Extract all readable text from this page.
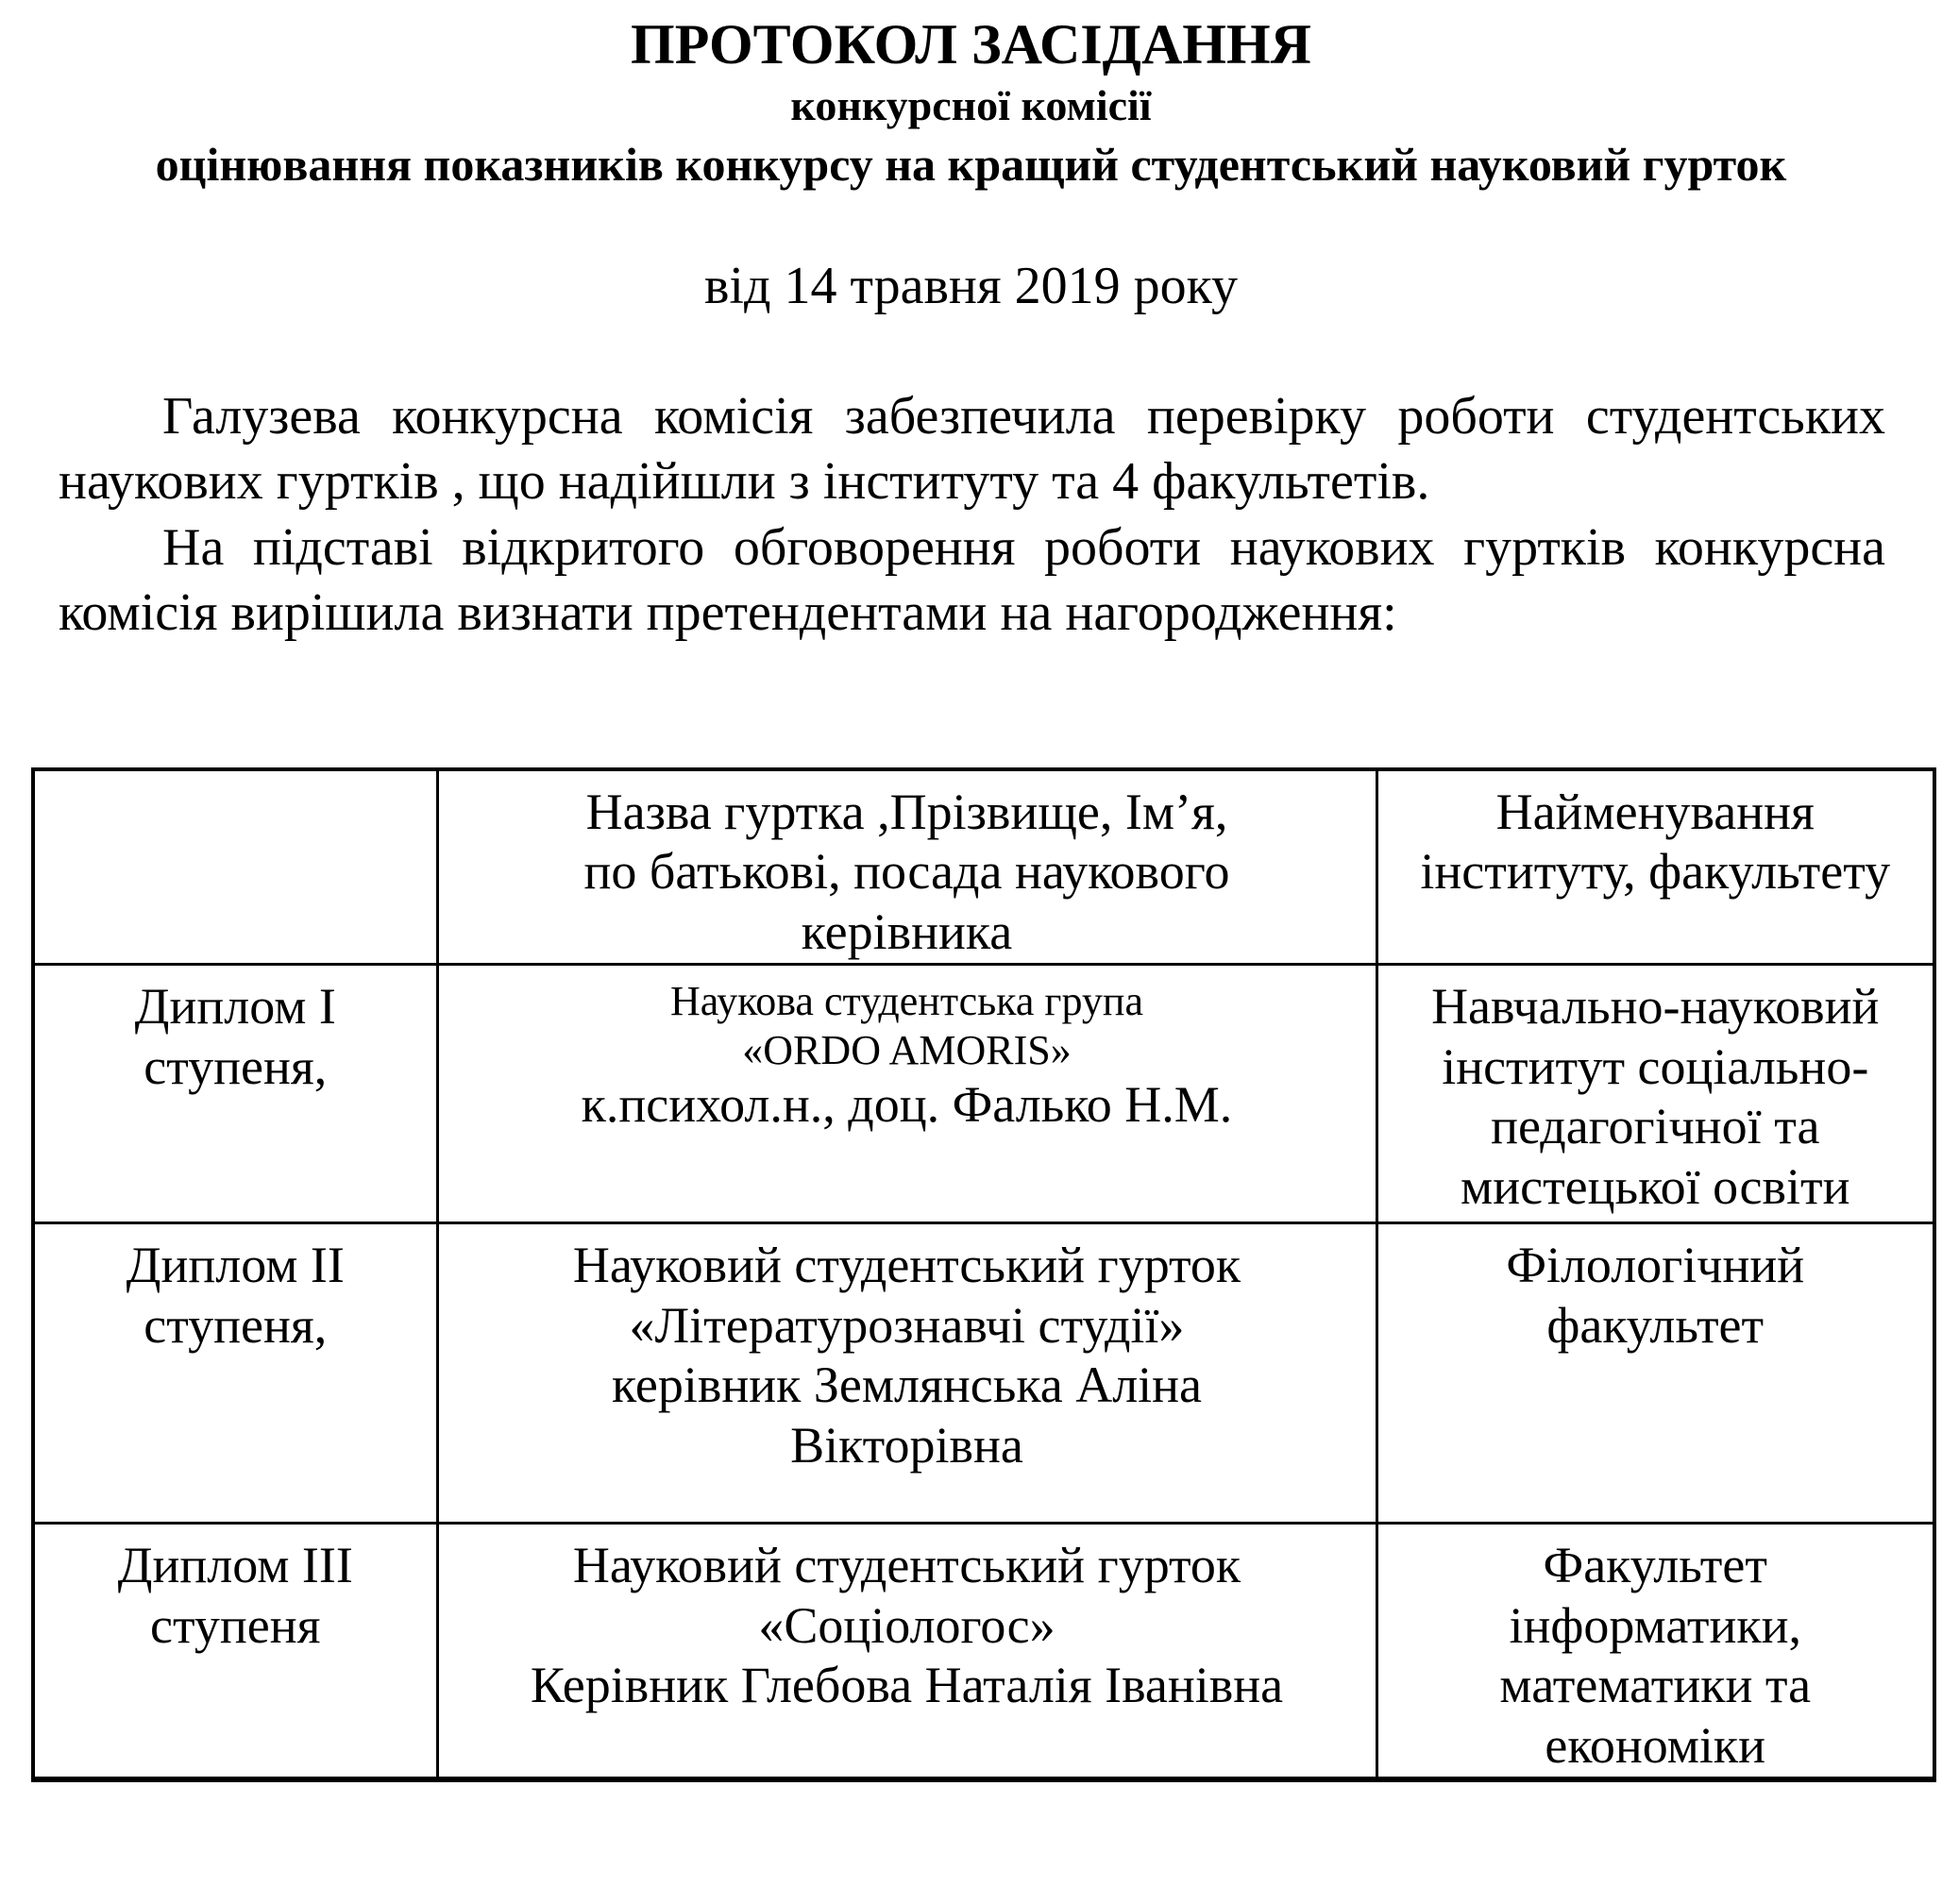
ПРОТОКОЛ ЗАСІДАННЯ
конкурсної комісії
оцінювання показників конкурсу на кращий студентський науковий гурток
від 14 травня 2019 року

Галузева конкурсна комісія забезпечила перевірку роботи студентських наукових гуртків , що надійшли з інституту та 4 факультетів.

На підставі відкритого обговорення роботи наукових гуртків конкурсна комісія вирішила визнати претендентами на нагородження:

	Назва гуртка ,Прізвище, Ім’я,
по батькові, посада наукового
керівника	Найменування
інституту, факультету

Диплом I ступеня,	Наукова студентська група
«ORDO AMORIS»
к.психол.н., доц. Фалько Н.М.	Навчально-науковий
інститут соціально-
педагогічної та
мистецької освіти

Диплом II ступеня,	Науковий студентський гурток
«Літературознавчі студії»
керівник Землянська Аліна
Вікторівна	Філологічний
факультет

Диплом III ступеня	Науковий студентський гурток
«Соціологос»
Керівник Глебова Наталія Іванівна	Факультет
інформатики,
математики та
економіки
